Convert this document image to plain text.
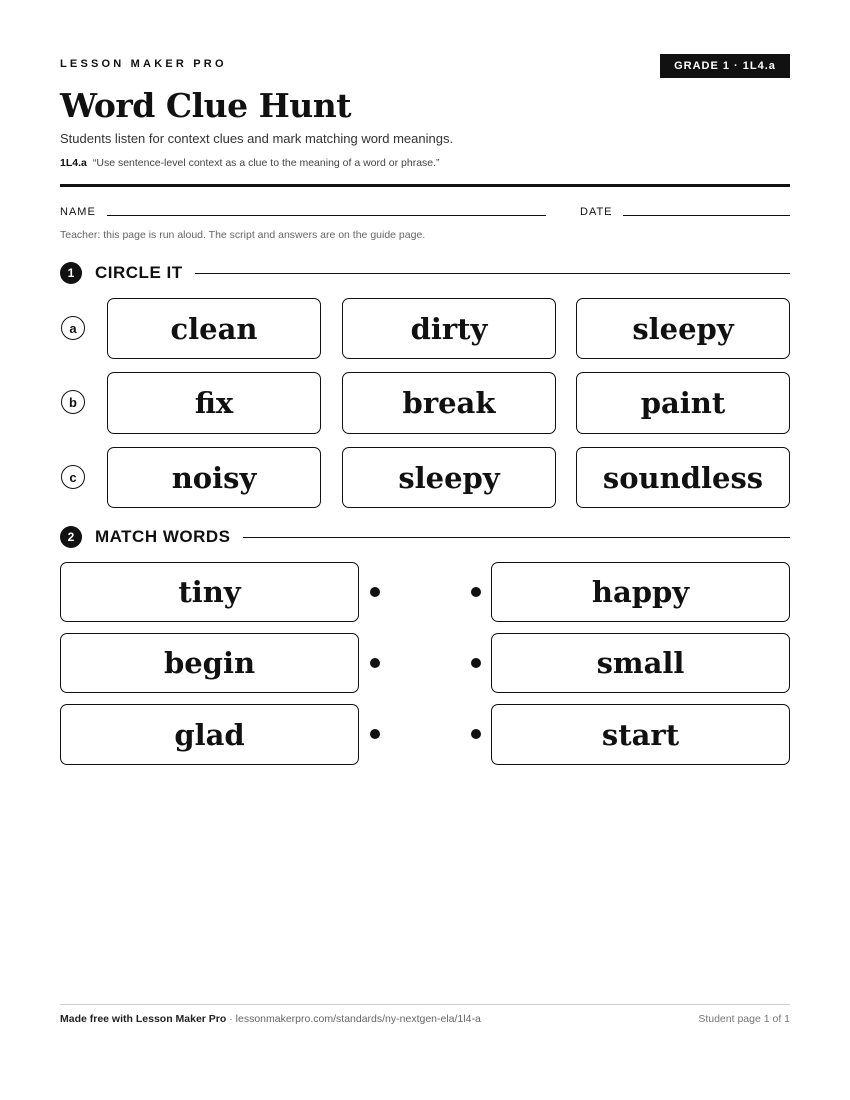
LESSON MAKER PRO	GRADE 1 · 1L4.a
Word Clue Hunt
Students listen for context clues and mark matching word meanings.
1L4.a “Use sentence-level context as a clue to the meaning of a word or phrase.”
NAME	DATE
Teacher: this page is run aloud. The script and answers are on the guide page.
1	CIRCLE IT
a	clean	dirty	sleepy
b	fix	break	paint
c	noisy	sleepy	soundless
2	MATCH WORDS
tiny	happy
begin	small
glad	start
Made free with Lesson Maker Pro · lessonmakerpro.com/standards/ny-nextgen-ela/1l4-a	Student page 1 of 1
